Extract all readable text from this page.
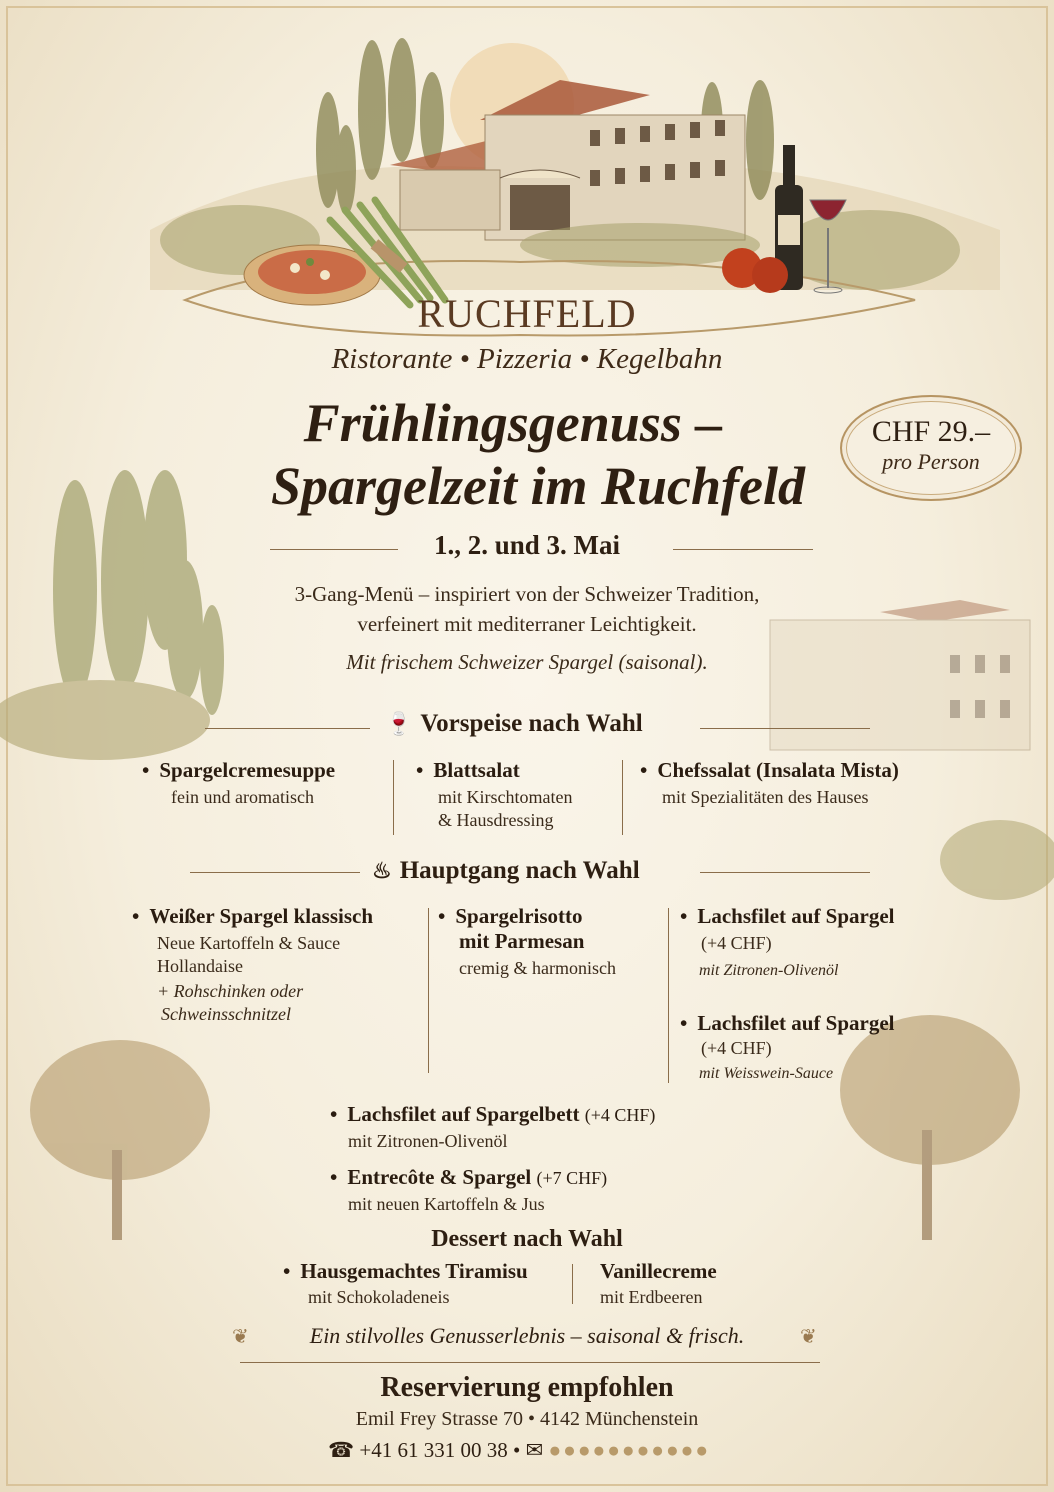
RUCHFELD
Ristorante • Pizzeria • Kegelbahn
Frühlingsgenuss –
Spargelzeit im Ruchfeld
CHF 29.–
pro Person
1., 2. und 3. Mai
3-Gang-Menü – inspiriert von der Schweizer Tradition,
verfeinert mit mediterraner Leichtigkeit.
Mit frischem Schweizer Spargel (saisonal).
🍷 Vorspeise nach Wahl
• Spargelcremesuppe
fein und aromatisch
• Blattsalat
mit Kirschtomaten
& Hausdressing
• Chefssalat (Insalata Mista)
mit Spezialitäten des Hauses
♨ Hauptgang nach Wahl
• Weißer Spargel klassisch
Neue Kartoffeln & Sauce
Hollandaise
+ Rohschinken oder
Schweinsschnitzel
• Spargelrisotto
mit Parmesan
cremig & harmonisch
• Lachsfilet auf Spargel
(+4 CHF)
mit Zitronen-Olivenöl
• Lachsfilet auf Spargel
(+4 CHF)
mit Weisswein-Sauce
• Lachsfilet auf Spargelbett (+4 CHF)
mit Zitronen-Olivenöl
• Entrecôte & Spargel (+7 CHF)
mit neuen Kartoffeln & Jus
Dessert nach Wahl
• Hausgemachtes Tiramisu
mit Schokoladeneis
Vanillecreme
mit Erdbeeren
❦	❦
Ein stilvolles Genusserlebnis – saisonal & frisch.
Reservierung empfohlen
Emil Frey Strasse 70 • 4142 Münchenstein
☎ +41 61 331 00 38 • ✉ ●●●●●●●●●●●
